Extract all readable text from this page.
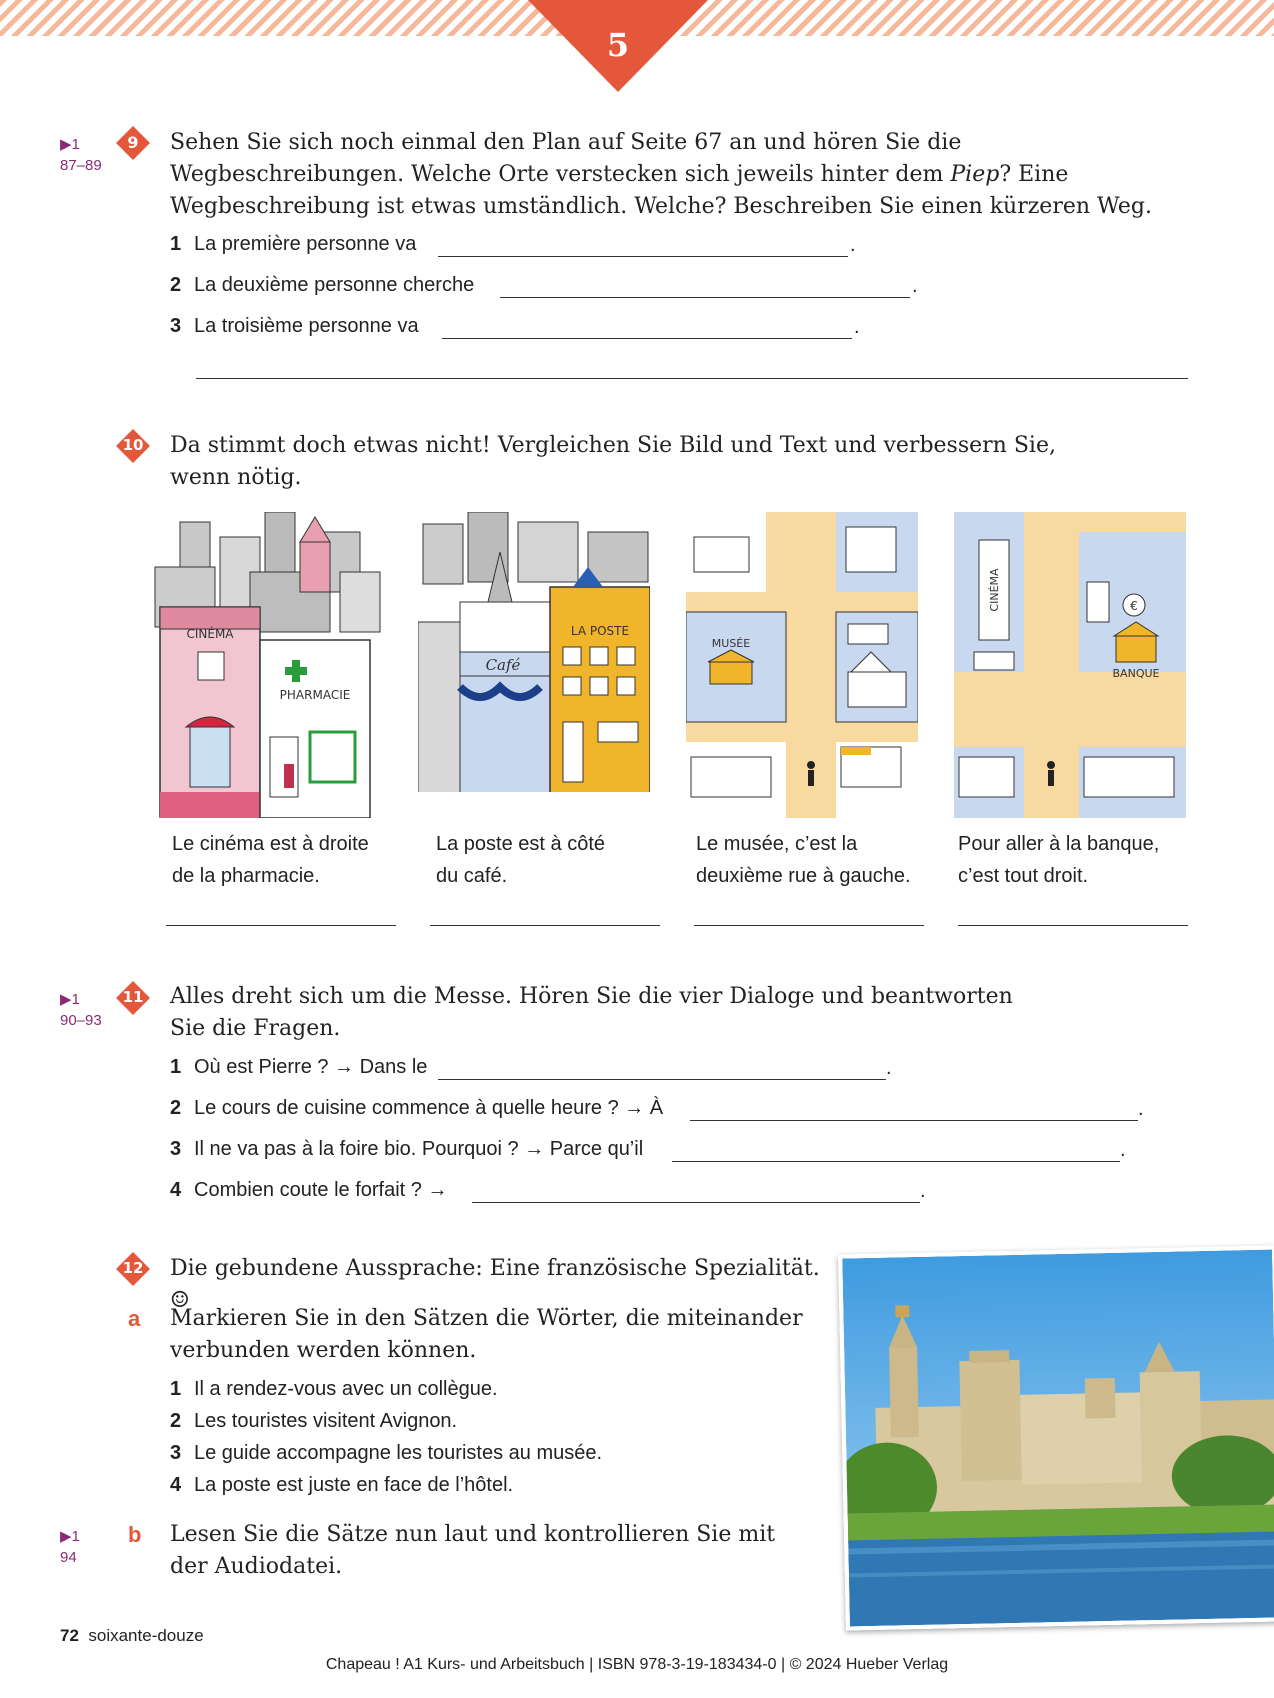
5
▶1
87–89
9	Sehen Sie sich noch einmal den Plan auf Seite 67 an und hören Sie die Wegbeschreibungen. Welche Orte verstecken sich jeweils hinter dem Piep? Eine Wegbeschreibung ist etwas umständlich. Welche? Beschreiben Sie einen kürzeren Weg.
1 La première personne va	.
2 La deuxième personne cherche	.
3 La troisième personne va	.
10 Da stimmt doch etwas nicht! Vergleichen Sie Bild und Text und verbessern Sie, wenn nötig.
CINÉMA
PHARMACIE
Café
LA POSTE
MUSÉE
CINÉMA	€
BANQUE
Le cinéma est à droite
de la pharmacie.
La poste est à côté
du café.
Le musée, c’est la
deuxième rue à gauche.
Pour aller à la banque,
c’est tout droit.
▶1
90–93
11 Alles dreht sich um die Messe. Hören Sie die vier Dialoge und beantworten Sie die Fragen.
1 Où est Pierre ? → Dans le	.
2 Le cours de cuisine commence à quelle heure ? → À	.
3 Il ne va pas à la foire bio. Pourquoi ? → Parce qu’il	.
4 Combien coute le forfait ? →	.
12 Die gebundene Aussprache: Eine französische Spezialität. ☺
a Markieren Sie in den Sätzen die Wörter, die miteinander verbunden werden können.
1 Il a rendez-vous avec un collègue.
2 Les touristes visitent Avignon.
3 Le guide accompagne les touristes au musée.
4 La poste est juste en face de l’hôtel.
▶1
94
b Lesen Sie die Sätze nun laut und kontrollieren Sie mit der Audiodatei.
72 soixante-douze
Chapeau ! A1 Kurs- und Arbeitsbuch | ISBN 978-3-19-183434-0 | © 2024 Hueber Verlag
